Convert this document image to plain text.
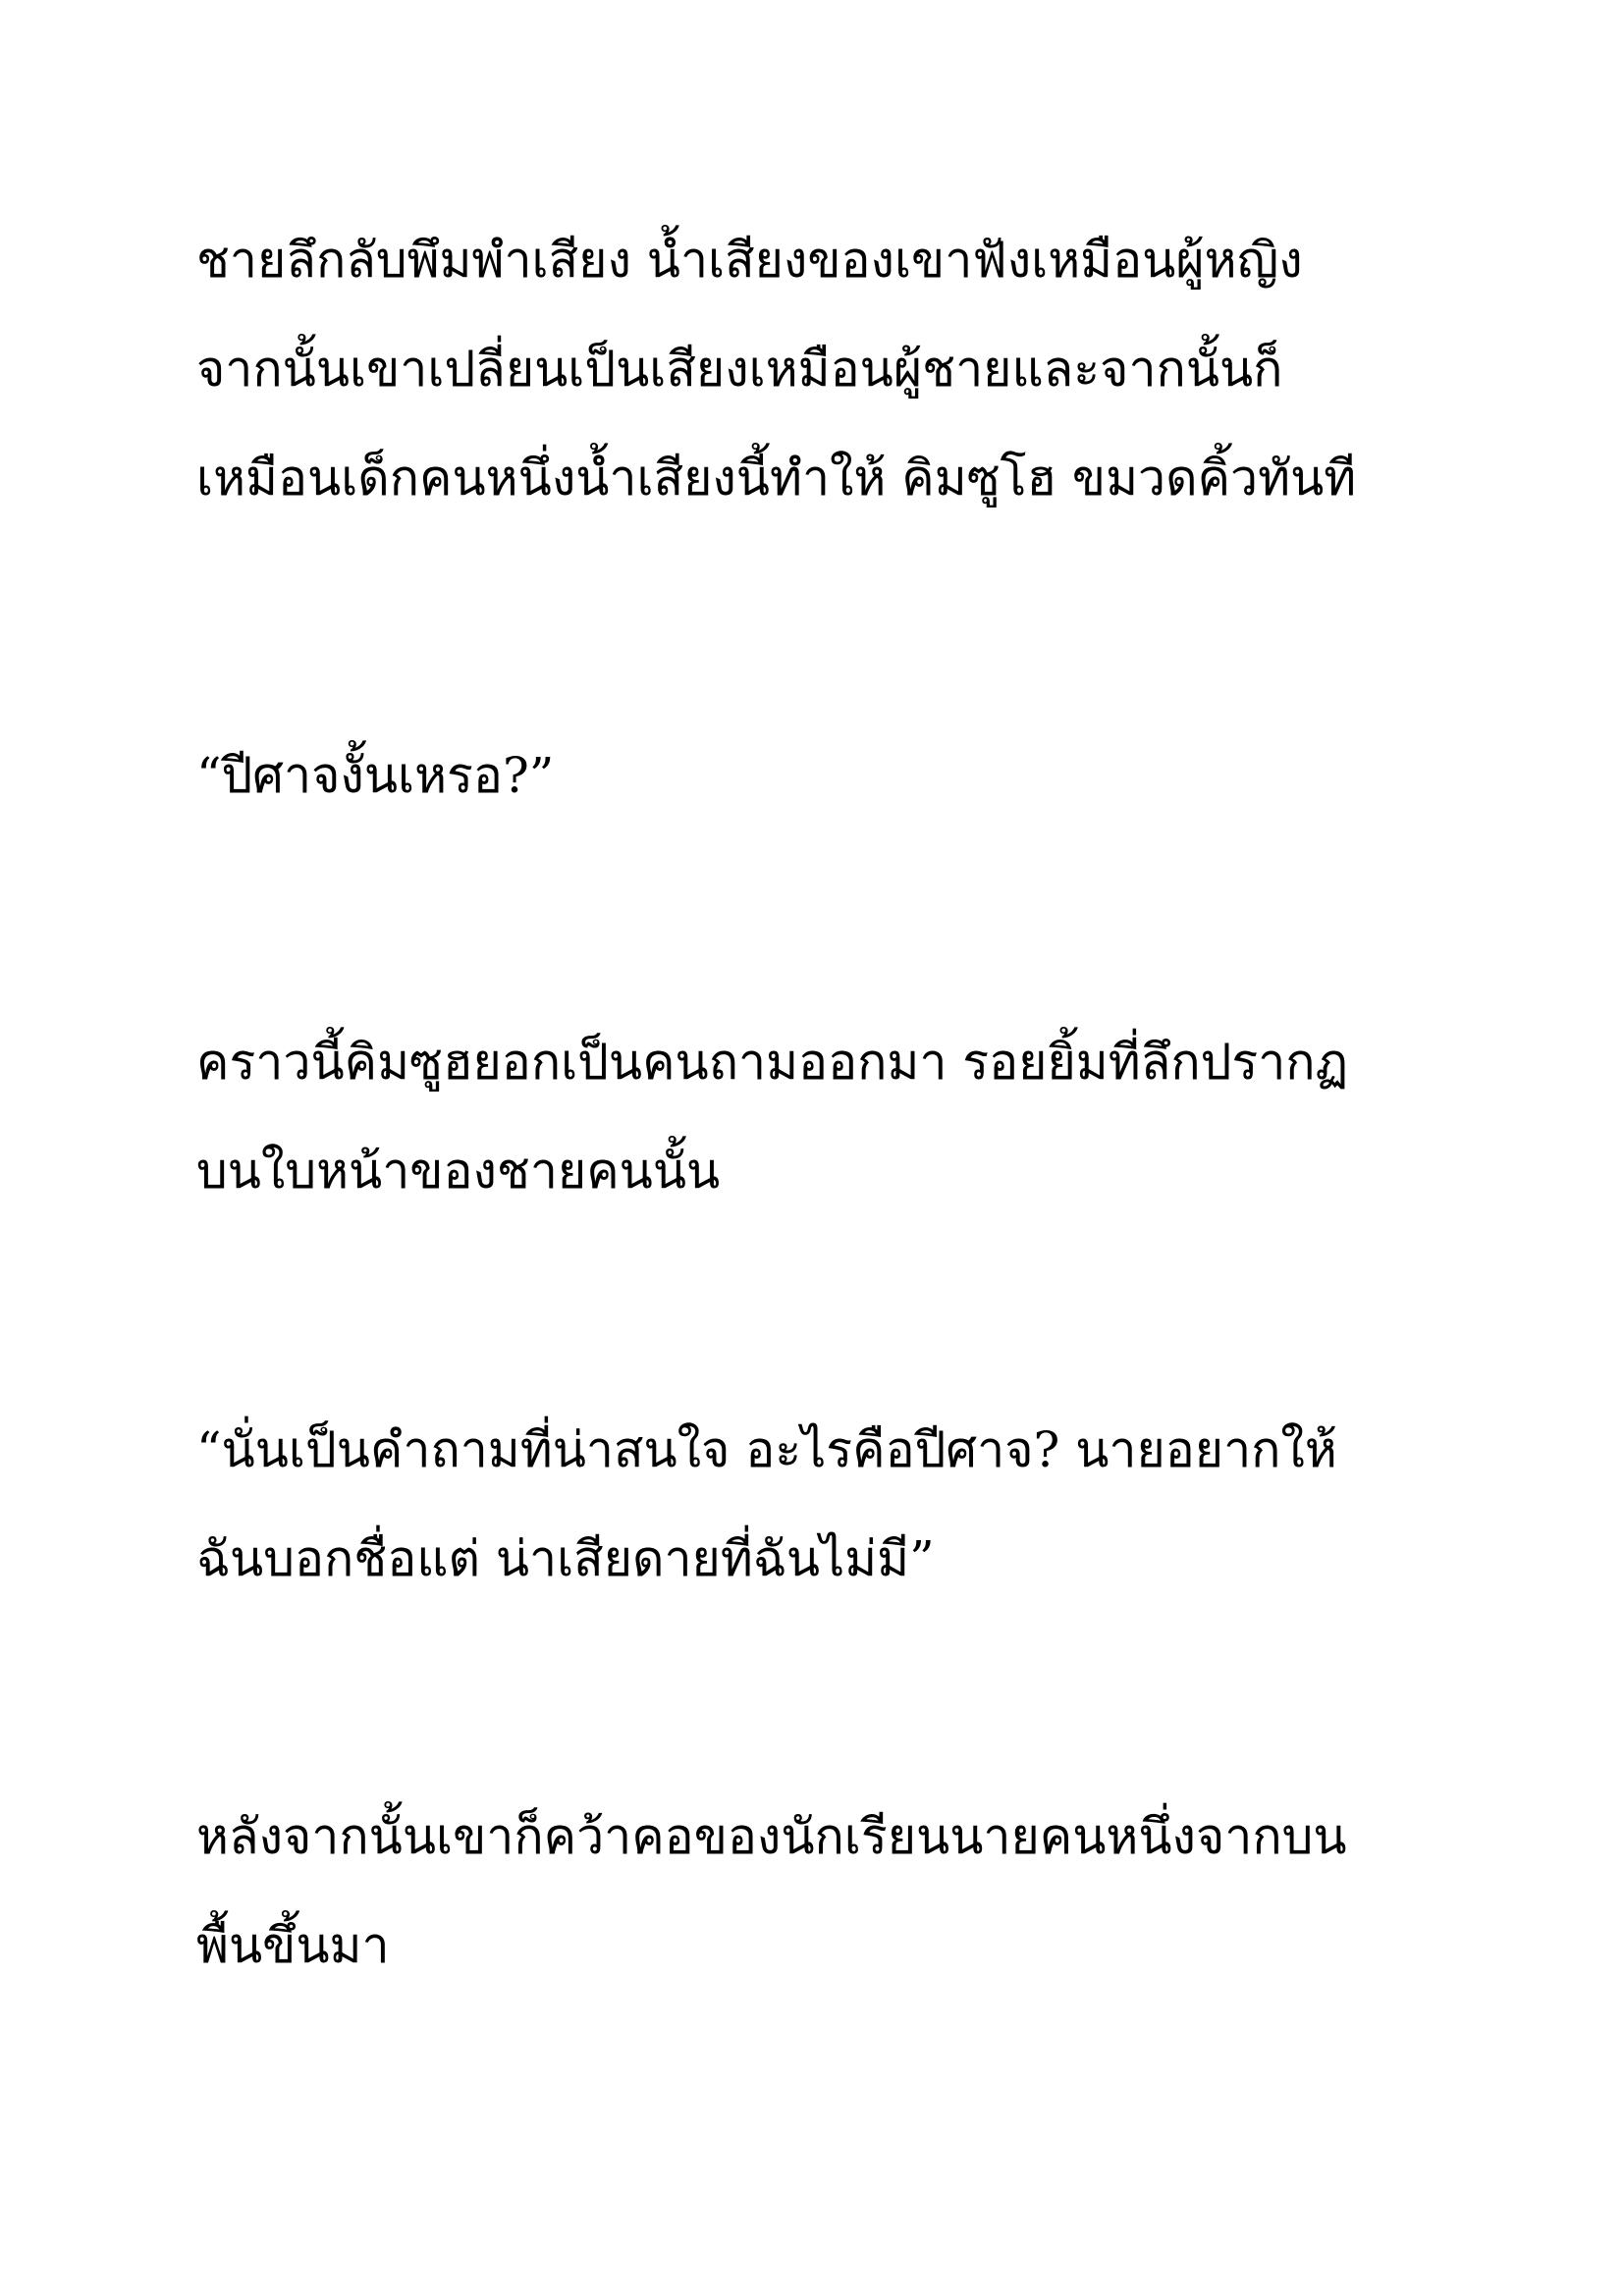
ชายลึกลับพึมพำเสียง น้ำเสียงของเขาฟังเหมือนผู้หญิง
จากนั้นเขาเปลี่ยนเป็นเสียงเหมือนผู้ชายและจากนั้นก็
เหมือนเด็กคนหนึ่งน้ำเสียงนี้ทำให้ คิมซูโฮ ขมวดคิ้วทันที

“ปีศาจงั้นเหรอ?”

คราวนี้คิมซูฮยอกเป็นคนถามออกมา รอยยิ้มที่ลึกปรากฏ
บนใบหน้าของชายคนนั้น

“นั่นเป็นคำถามที่น่าสนใจ อะไรคือปีศาจ? นายอยากให้
ฉันบอกชื่อแต่ น่าเสียดายที่ฉันไม่มี”

หลังจากนั้นเขาก็คว้าคอของนักเรียนนายคนหนึ่งจากบน
พื้นขึ้นมา
